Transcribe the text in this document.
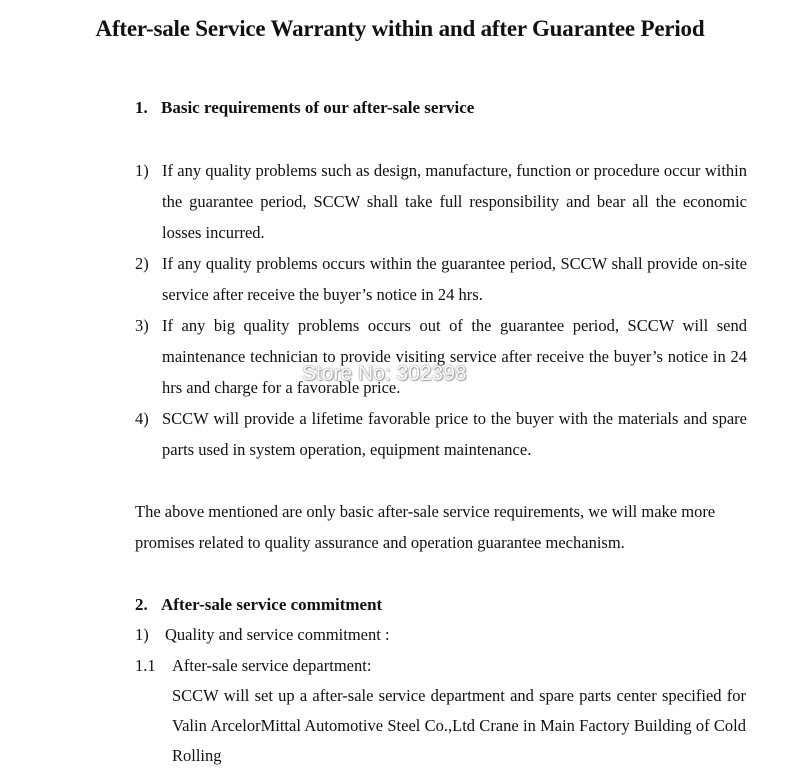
After-sale Service Warranty within and after Guarantee Period
1. Basic requirements of our after-sale service
1) If any quality problems such as design, manufacture, function or procedure occur within the guarantee period, SCCW shall take full responsibility and bear all the economic losses incurred.
2) If any quality problems occurs within the guarantee period, SCCW shall provide on-site service after receive the buyer’s notice in 24 hrs.
3) If any big quality problems occurs out of the guarantee period, SCCW will send maintenance technician to provide visiting service after receive the buyer’s notice in 24 hrs and charge for a favorable price.
4) SCCW will provide a lifetime favorable price to the buyer with the materials and spare parts used in system operation, equipment maintenance.

The above mentioned are only basic after-sale service requirements, we will make more promises related to quality assurance and operation guarantee mechanism.

2. After-sale service commitment

1) Quality and service commitment :

1.1 After-sale service department:

SCCW will set up a after-sale service department and spare parts center specified for Valin ArcelorMittal Automotive Steel Co.,Ltd Crane in Main Factory Building of Cold Rolling

Store No: 302398
